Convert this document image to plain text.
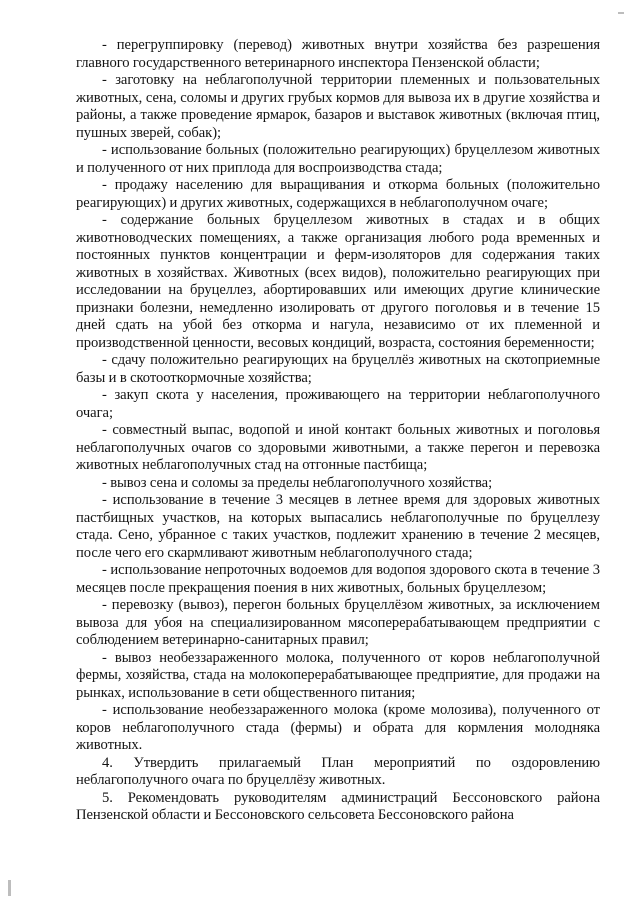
- перегруппировку (перевод) животных внутри хозяйства без разрешения главного государственного ветеринарного инспектора Пензенской области;

- заготовку на неблагополучной территории племенных и пользовательных животных, сена, соломы и других грубых кормов для вывоза их в другие хозяйства и районы, а также проведение ярмарок, базаров и выставок животных (включая птиц, пушных зверей, собак);

- использование больных (положительно реагирующих) бруцеллезом животных и полученного от них приплода для воспроизводства стада;

- продажу населению для выращивания и откорма больных (положительно реагирующих) и других животных, содержащихся в неблагополучном очаге;

- содержание больных бруцеллезом животных в стадах и в общих животноводческих помещениях, а также организация любого рода временных и постоянных пунктов концентрации и ферм-изоляторов для содержания таких животных в хозяйствах. Животных (всех видов), положительно реагирующих при исследовании на бруцеллез, абортировавших или имеющих другие клинические признаки болезни, немедленно изолировать от другого поголовья и в течение 15 дней сдать на убой без откорма и нагула, независимо от их племенной и производственной ценности, весовых кондиций, возраста, состояния беременности;

- сдачу положительно реагирующих на бруцеллёз животных на скотоприемные базы и в скотооткормочные хозяйства;

- закуп скота у населения, проживающего на территории неблагополучного очага;

- совместный выпас, водопой и иной контакт больных животных и поголовья неблагополучных очагов со здоровыми животными, а также перегон и перевозка животных неблагополучных стад на отгонные пастбища;

- вывоз сена и соломы за пределы неблагополучного хозяйства;

- использование в течение 3 месяцев в летнее время для здоровых животных пастбищных участков, на которых выпасались неблагополучные по бруцеллезу стада. Сено, убранное с таких участков, подлежит хранению в течение 2 месяцев, после чего его скармливают животным неблагополучного стада;

- использование непроточных водоемов для водопоя здорового скота в течение 3 месяцев после прекращения поения в них животных, больных бруцеллезом;

- перевозку (вывоз), перегон больных бруцеллёзом животных, за исключением вывоза для убоя на специализированном мясоперерабатывающем предприятии с соблюдением ветеринарно-санитарных правил;

- вывоз необеззараженного молока, полученного от коров неблагополучной фермы, хозяйства, стада на молокоперерабатывающее предприятие, для продажи на рынках, использование в сети общественного питания;

- использование необеззараженного молока (кроме молозива), полученного от коров неблагополучного стада (фермы) и обрата для кормления молодняка животных.

4. Утвердить прилагаемый План мероприятий по оздоровлению неблагополучного очага по бруцеллёзу животных.

5. Рекомендовать руководителям администраций Бессоновского района Пензенской области и Бессоновского сельсовета Бессоновского района
